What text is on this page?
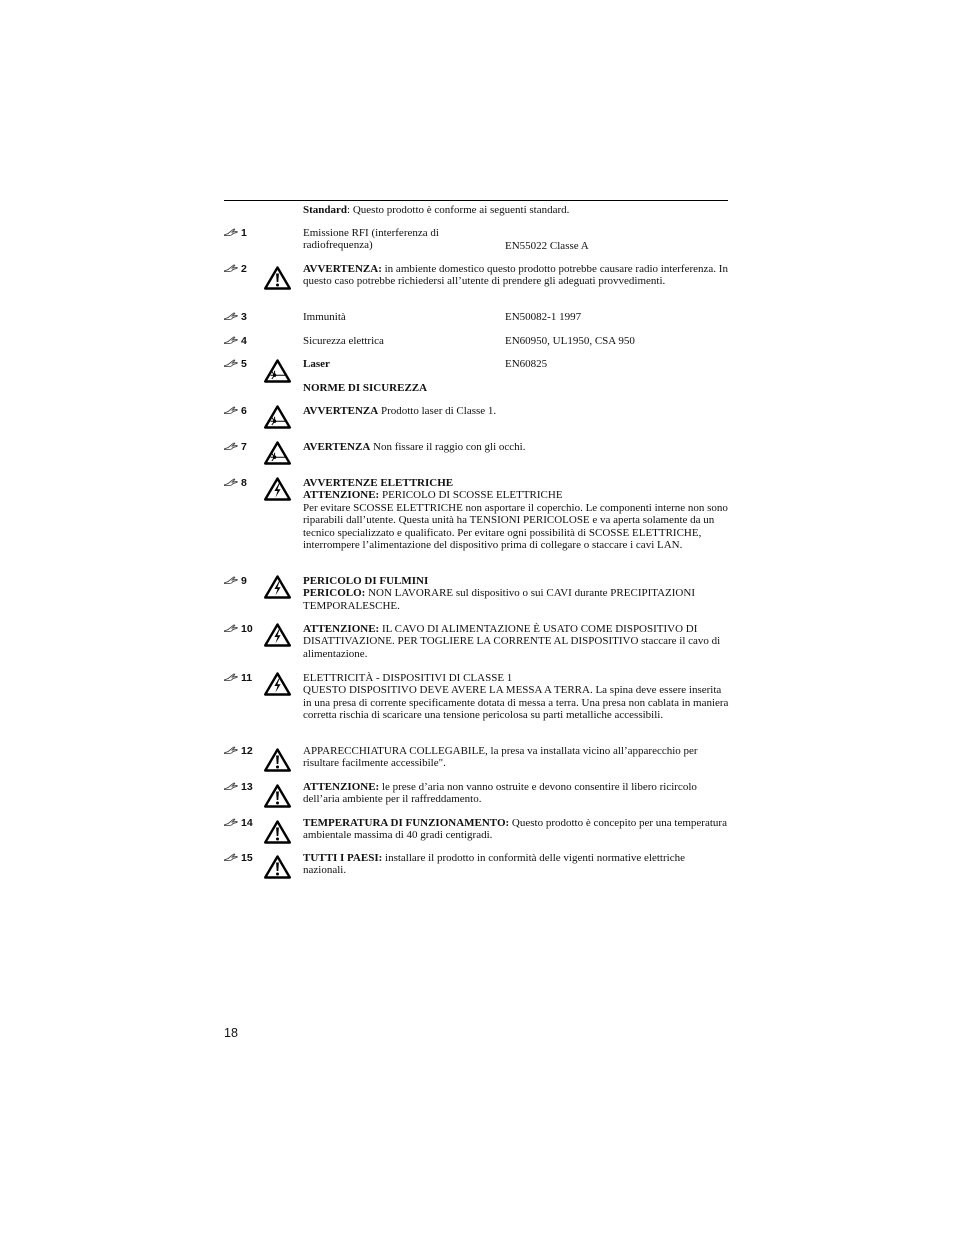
Standard: Questo prodotto è conforme ai seguenti standard.
1	Emissione RFI (interferenza di radiofrequenza)	EN55022 Classe A
2	AVVERTENZA: in ambiente domestico questo prodotto potrebbe causare radio interferenza. In questo caso potrebbe richiedersi all’utente di prendere gli adeguati provvedimenti.
3	Immunità	EN50082-1 1997
4	Sicurezza elettrica	EN60950, UL1950, CSA 950
5	Laser	EN60825
NORME DI SICUREZZA
6	AVVERTENZA Prodotto laser di Classe 1.
7	AVERTENZA Non fissare il raggio con gli occhi.
8	AVVERTENZE ELETTRICHE
ATTENZIONE: PERICOLO DI SCOSSE ELETTRICHE
Per evitare SCOSSE ELETTRICHE non asportare il coperchio. Le componenti interne non sono riparabili dall’utente. Questa unità ha TENSIONI PERICOLOSE e va aperta solamente da un tecnico specializzato e qualificato. Per evitare ogni possibilità di SCOSSE ELETTRICHE, interrompere l’alimentazione del dispositivo prima di collegare o staccare i cavi LAN.
9	PERICOLO DI FULMINI
PERICOLO: NON LAVORARE sul dispositivo o sui CAVI durante PRECIPITAZIONI TEMPORALESCHE.
10	ATTENZIONE: IL CAVO DI ALIMENTAZIONE È USATO COME DISPOSITIVO DI DISATTIVAZIONE. PER TOGLIERE LA CORRENTE AL DISPOSITIVO staccare il cavo di alimentazione.
11	ELETTRICITÀ - DISPOSITIVI DI CLASSE 1
QUESTO DISPOSITIVO DEVE AVERE LA MESSA A TERRA. La spina deve essere inserita in una presa di corrente specificamente dotata di messa a terra. Una presa non cablata in maniera corretta rischia di scaricare una tensione pericolosa su parti metalliche accessibili.
12	APPARECCHIATURA COLLEGABILE, la presa va installata vicino all’apparecchio per risultare facilmente accessibile".
13	ATTENZIONE: le prese d’aria non vanno ostruite e devono consentire il libero ricircolo dell’aria ambiente per il raffreddamento.
14	TEMPERATURA DI FUNZIONAMENTO: Questo prodotto è concepito per una temperatura ambientale massima di 40 gradi centigradi.
15	TUTTI I PAESI: installare il prodotto in conformità delle vigenti normative elettriche nazionali.
18
